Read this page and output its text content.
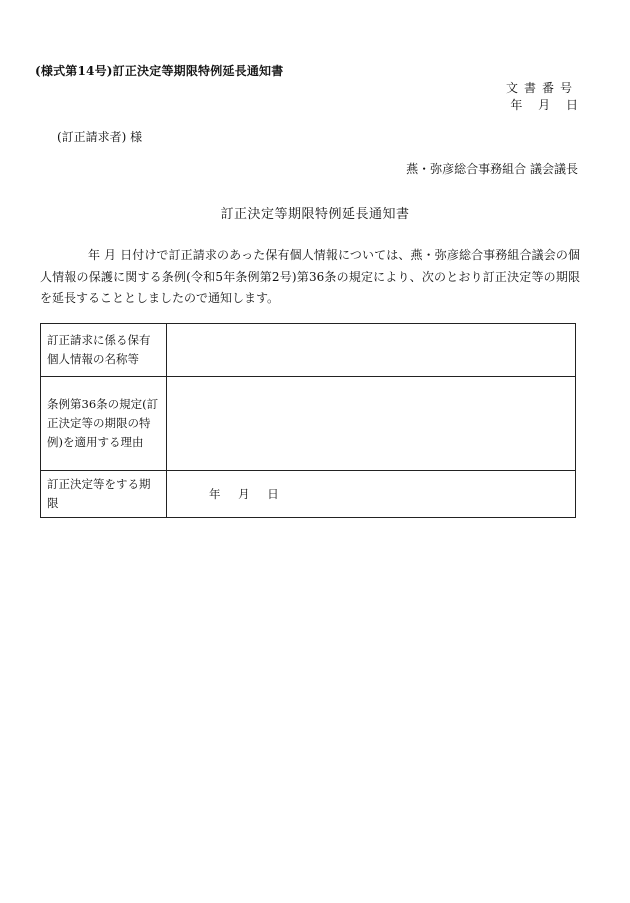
(様式第14号)訂正決定等期限特例延長通知書
文書番号
年 月 日
(訂正請求者) 様
燕・弥彦総合事務組合 議会議長
訂正決定等期限特例延長通知書
年 月 日付けで訂正請求のあった保有個人情報については、燕・弥彦総合事務組合議会の個人情報の保護に関する条例(令和5年条例第2号)第36条の規定により、次のとおり訂正決定等の期限を延長することとしましたので通知します。
訂正請求に係る保有個人情報の名称等	
条例第36条の規定(訂正決定等の期限の特例)を適用する理由	
訂正決定等をする期限	年 月 日
